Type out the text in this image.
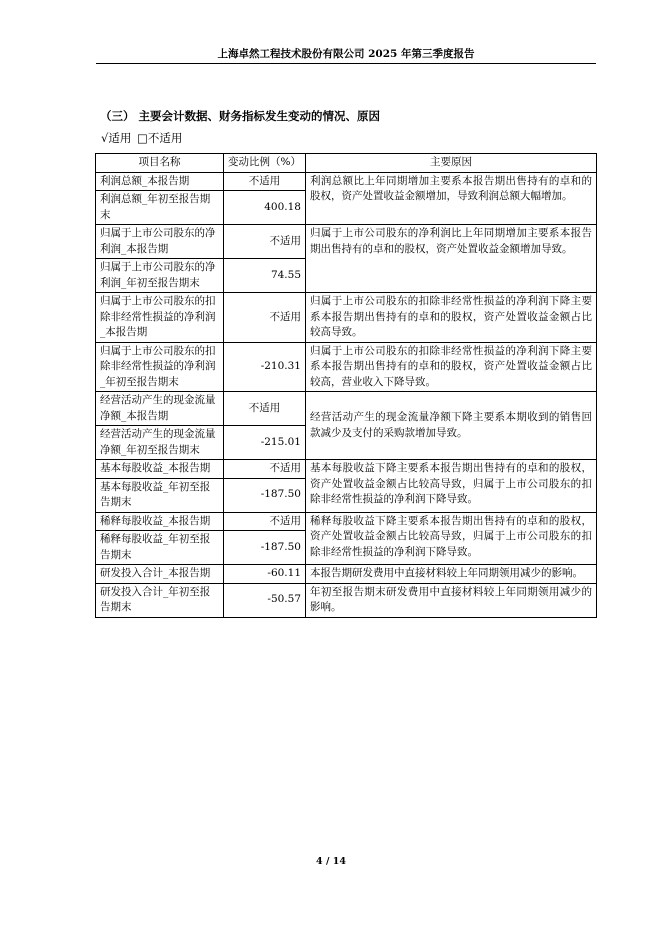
上海卓然工程技术股份有限公司 2025 年第三季度报告
（三） 主要会计数据、财务指标发生变动的情况、原因
√适用 □不适用
项目名称	变动比例（%）	主要原因
利润总额_本报告期	不适用	利润总额比上年同期增加主要系本报告期出售持有的卓和的股权，资产处置收益金额增加，导致利润总额大幅增加。
利润总额_年初至报告期末	400.18	
归属于上市公司股东的净利润_本报告期	不适用	归属于上市公司股东的净利润比上年同期增加主要系本报告期出售持有的卓和的股权，资产处置收益金额增加导致。
归属于上市公司股东的净利润_年初至报告期末	74.55	
归属于上市公司股东的扣除非经常性损益的净利润_本报告期	不适用	归属于上市公司股东的扣除非经常性损益的净利润下降主要系本报告期出售持有的卓和的股权，资产处置收益金额占比较高导致。
归属于上市公司股东的扣除非经常性损益的净利润_年初至报告期末	-210.31	归属于上市公司股东的扣除非经常性损益的净利润下降主要系本报告期出售持有的卓和的股权，资产处置收益金额占比较高，营业收入下降导致。
经营活动产生的现金流量净额_本报告期	不适用	经营活动产生的现金流量净额下降主要系本期收到的销售回款减少及支付的采购款增加导致。
经营活动产生的现金流量净额_年初至报告期末	-215.01	
基本每股收益_本报告期	不适用	基本每股收益下降主要系本报告期出售持有的卓和的股权，资产处置收益金额占比较高导致，归属于上市公司股东的扣除非经常性损益的净利润下降导致。
基本每股收益_年初至报告期末	-187.50	
稀释每股收益_本报告期	不适用	稀释每股收益下降主要系本报告期出售持有的卓和的股权，资产处置收益金额占比较高导致，归属于上市公司股东的扣除非经常性损益的净利润下降导致。
稀释每股收益_年初至报告期末	-187.50	
研发投入合计_本报告期	-60.11	本报告期研发费用中直接材料较上年同期领用减少的影响。
研发投入合计_年初至报告期末	-50.57	年初至报告期末研发费用中直接材料较上年同期领用减少的影响。
4 / 14
